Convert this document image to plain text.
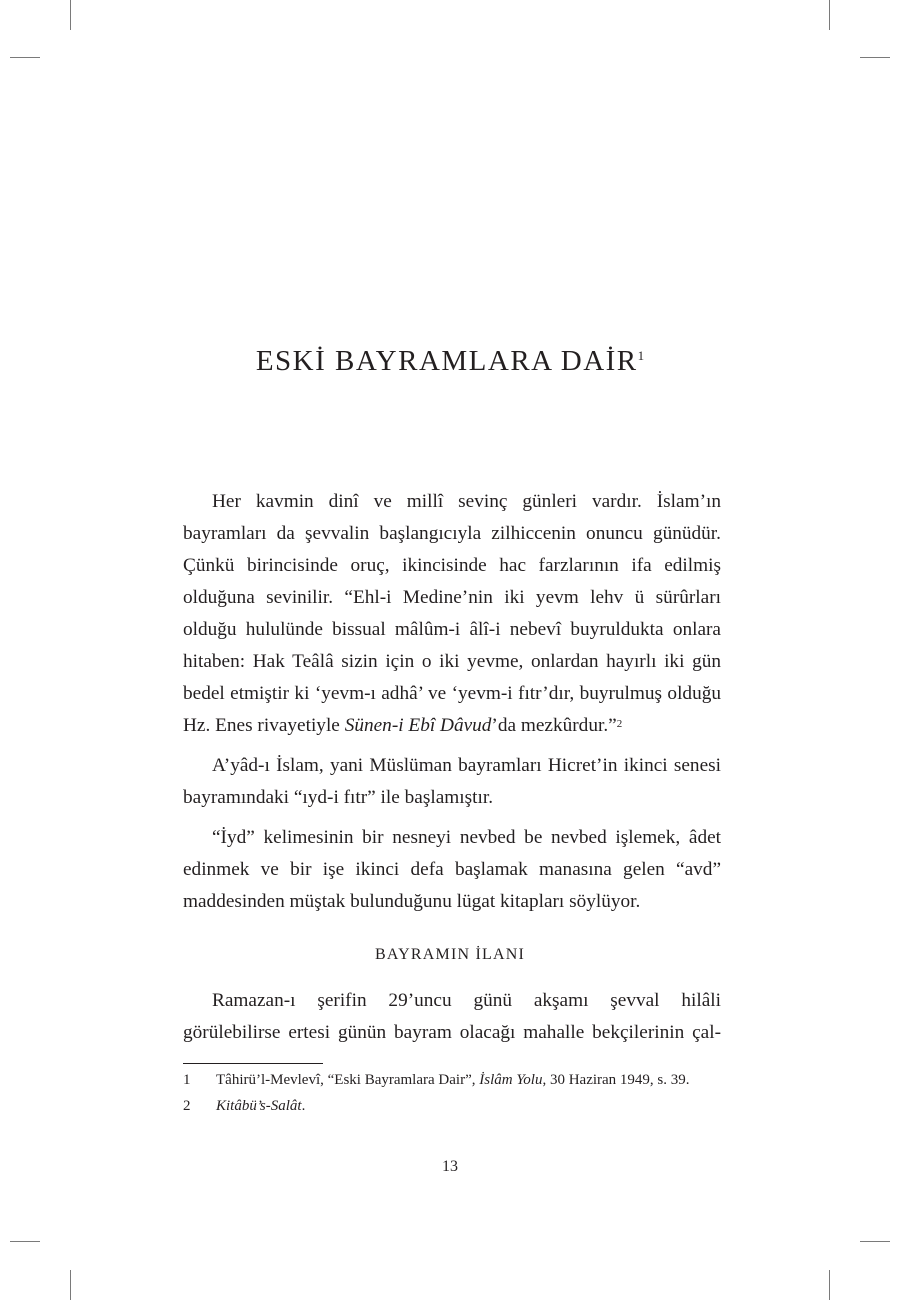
ESKİ BAYRAMLARA DAİR$^1$

Her kavmin dinî ve millî sevinç günleri vardır. İslam’ın bayramları da şevvalin başlangıcıyla zilhiccenin onuncu günüdür. Çünkü birincisinde oruç, ikincisinde hac farzlarının ifa edilmiş olduğuna sevinilir. “Ehl-i Medine’nin iki yevm lehv ü sürûrları olduğu hululünde bissual mâlûm-i âlî-i nebevî buyruldukta onlara hitaben: Hak Teâlâ sizin için o iki yevme, onlardan hayırlı iki gün bedel etmiştir ki ‘yevm-ı adhâ’ ve ‘yevm-i fıtr’dır, buyrulmuş olduğu Hz. Enes rivayetiyle Sünen-i Ebî Dâvud’da mezkûrdur.”$^2$

A’yâd-ı İslam, yani Müslüman bayramları Hicret’in ikinci senesi bayramındaki “ıyd-i fıtr” ile başlamıştır.

“İyd” kelimesinin bir nesneyi nevbed be nevbed işlemek, âdet edinmek ve bir işe ikinci defa başlamak manasına gelen “avd” maddesinden müştak bulunduğunu lügat kitapları söylüyor.

BAYRAMIN İLANI

Ramazan-ı şerifin 29’uncu günü akşamı şevval hilâli görülebilirse ertesi günün bayram olacağı mahalle bekçilerinin çal-

1 Tâhirü’l-Mevlevî, “Eski Bayramlara Dair”, İslâm Yolu, 30 Haziran 1949, s. 39.
2 Kitâbü’s-Salât.
13
